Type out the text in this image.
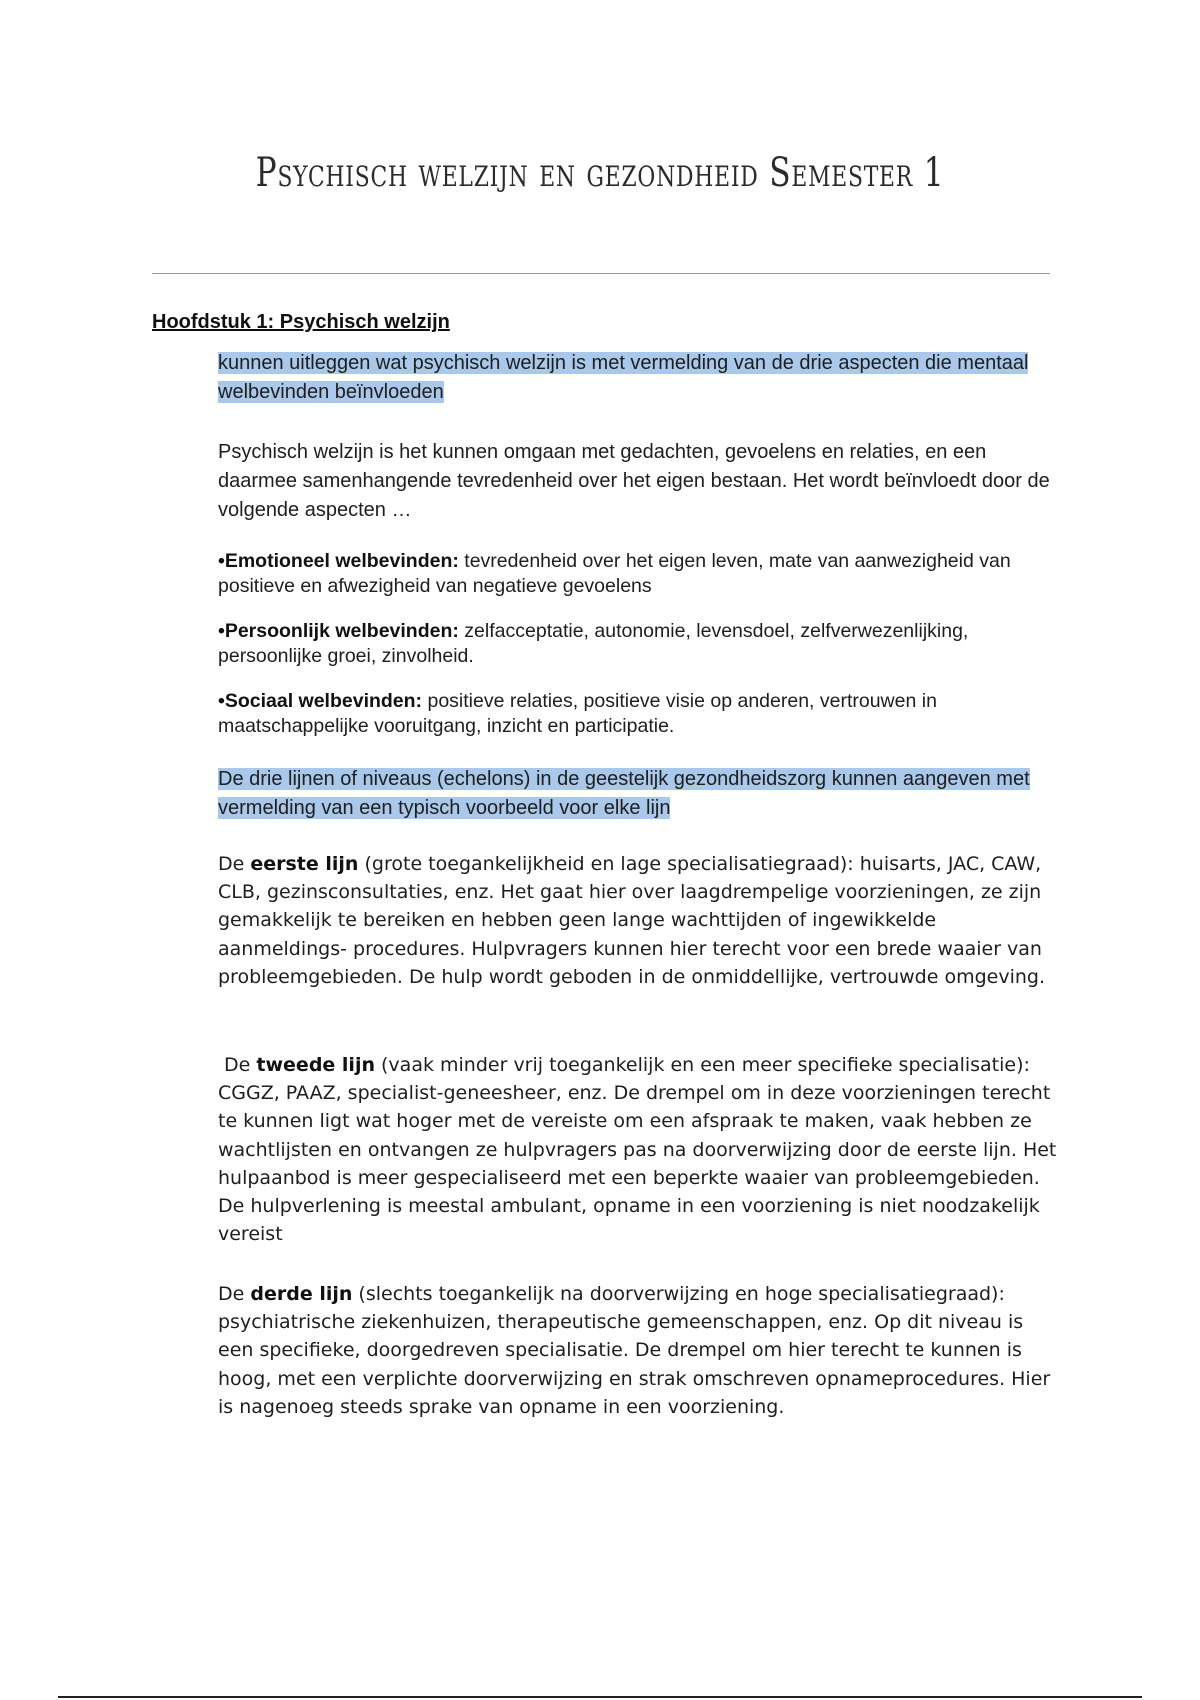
Psychisch welzijn en gezondheid Semester 1
Hoofdstuk 1: Psychisch welzijn
kunnen uitleggen wat psychisch welzijn is met vermelding van de drie aspecten die mentaal welbevinden beïnvloeden
Psychisch welzijn is het kunnen omgaan met gedachten, gevoelens en relaties, en een daarmee samenhangende tevredenheid over het eigen bestaan. Het wordt beïnvloedt door de volgende aspecten …
•Emotioneel welbevinden: tevredenheid over het eigen leven, mate van aanwezigheid van positieve en afwezigheid van negatieve gevoelens
•Persoonlijk welbevinden: zelfacceptatie, autonomie, levensdoel, zelfverwezenlijking, persoonlijke groei, zinvolheid.
•Sociaal welbevinden: positieve relaties, positieve visie op anderen, vertrouwen in maatschappelijke vooruitgang, inzicht en participatie.
De drie lijnen of niveaus (echelons) in de geestelijk gezondheidszorg kunnen aangeven met vermelding van een typisch voorbeeld voor elke lijn
De eerste lijn (grote toegankelijkheid en lage specialisatiegraad): huisarts, JAC, CAW, CLB, gezinsconsultaties, enz. Het gaat hier over laagdrempelige voorzieningen, ze zijn gemakkelijk te bereiken en hebben geen lange wachttijden of ingewikkelde aanmeldings- procedures. Hulpvragers kunnen hier terecht voor een brede waaier van probleemgebieden. De hulp wordt geboden in de onmiddellijke, vertrouwde omgeving.
De tweede lijn (vaak minder vrij toegankelijk en een meer specifieke specialisatie): CGGZ, PAAZ, specialist-geneesheer, enz. De drempel om in deze voorzieningen terecht te kunnen ligt wat hoger met de vereiste om een afspraak te maken, vaak hebben ze wachtlijsten en ontvangen ze hulpvragers pas na doorverwijzing door de eerste lijn. Het hulpaanbod is meer gespecialiseerd met een beperkte waaier van probleemgebieden. De hulpverlening is meestal ambulant, opname in een voorziening is niet noodzakelijk vereist
De derde lijn (slechts toegankelijk na doorverwijzing en hoge specialisatiegraad): psychiatrische ziekenhuizen, therapeutische gemeenschappen, enz. Op dit niveau is een specifieke, doorgedreven specialisatie. De drempel om hier terecht te kunnen is hoog, met een verplichte doorverwijzing en strak omschreven opnameprocedures. Hier is nagenoeg steeds sprake van opname in een voorziening.
